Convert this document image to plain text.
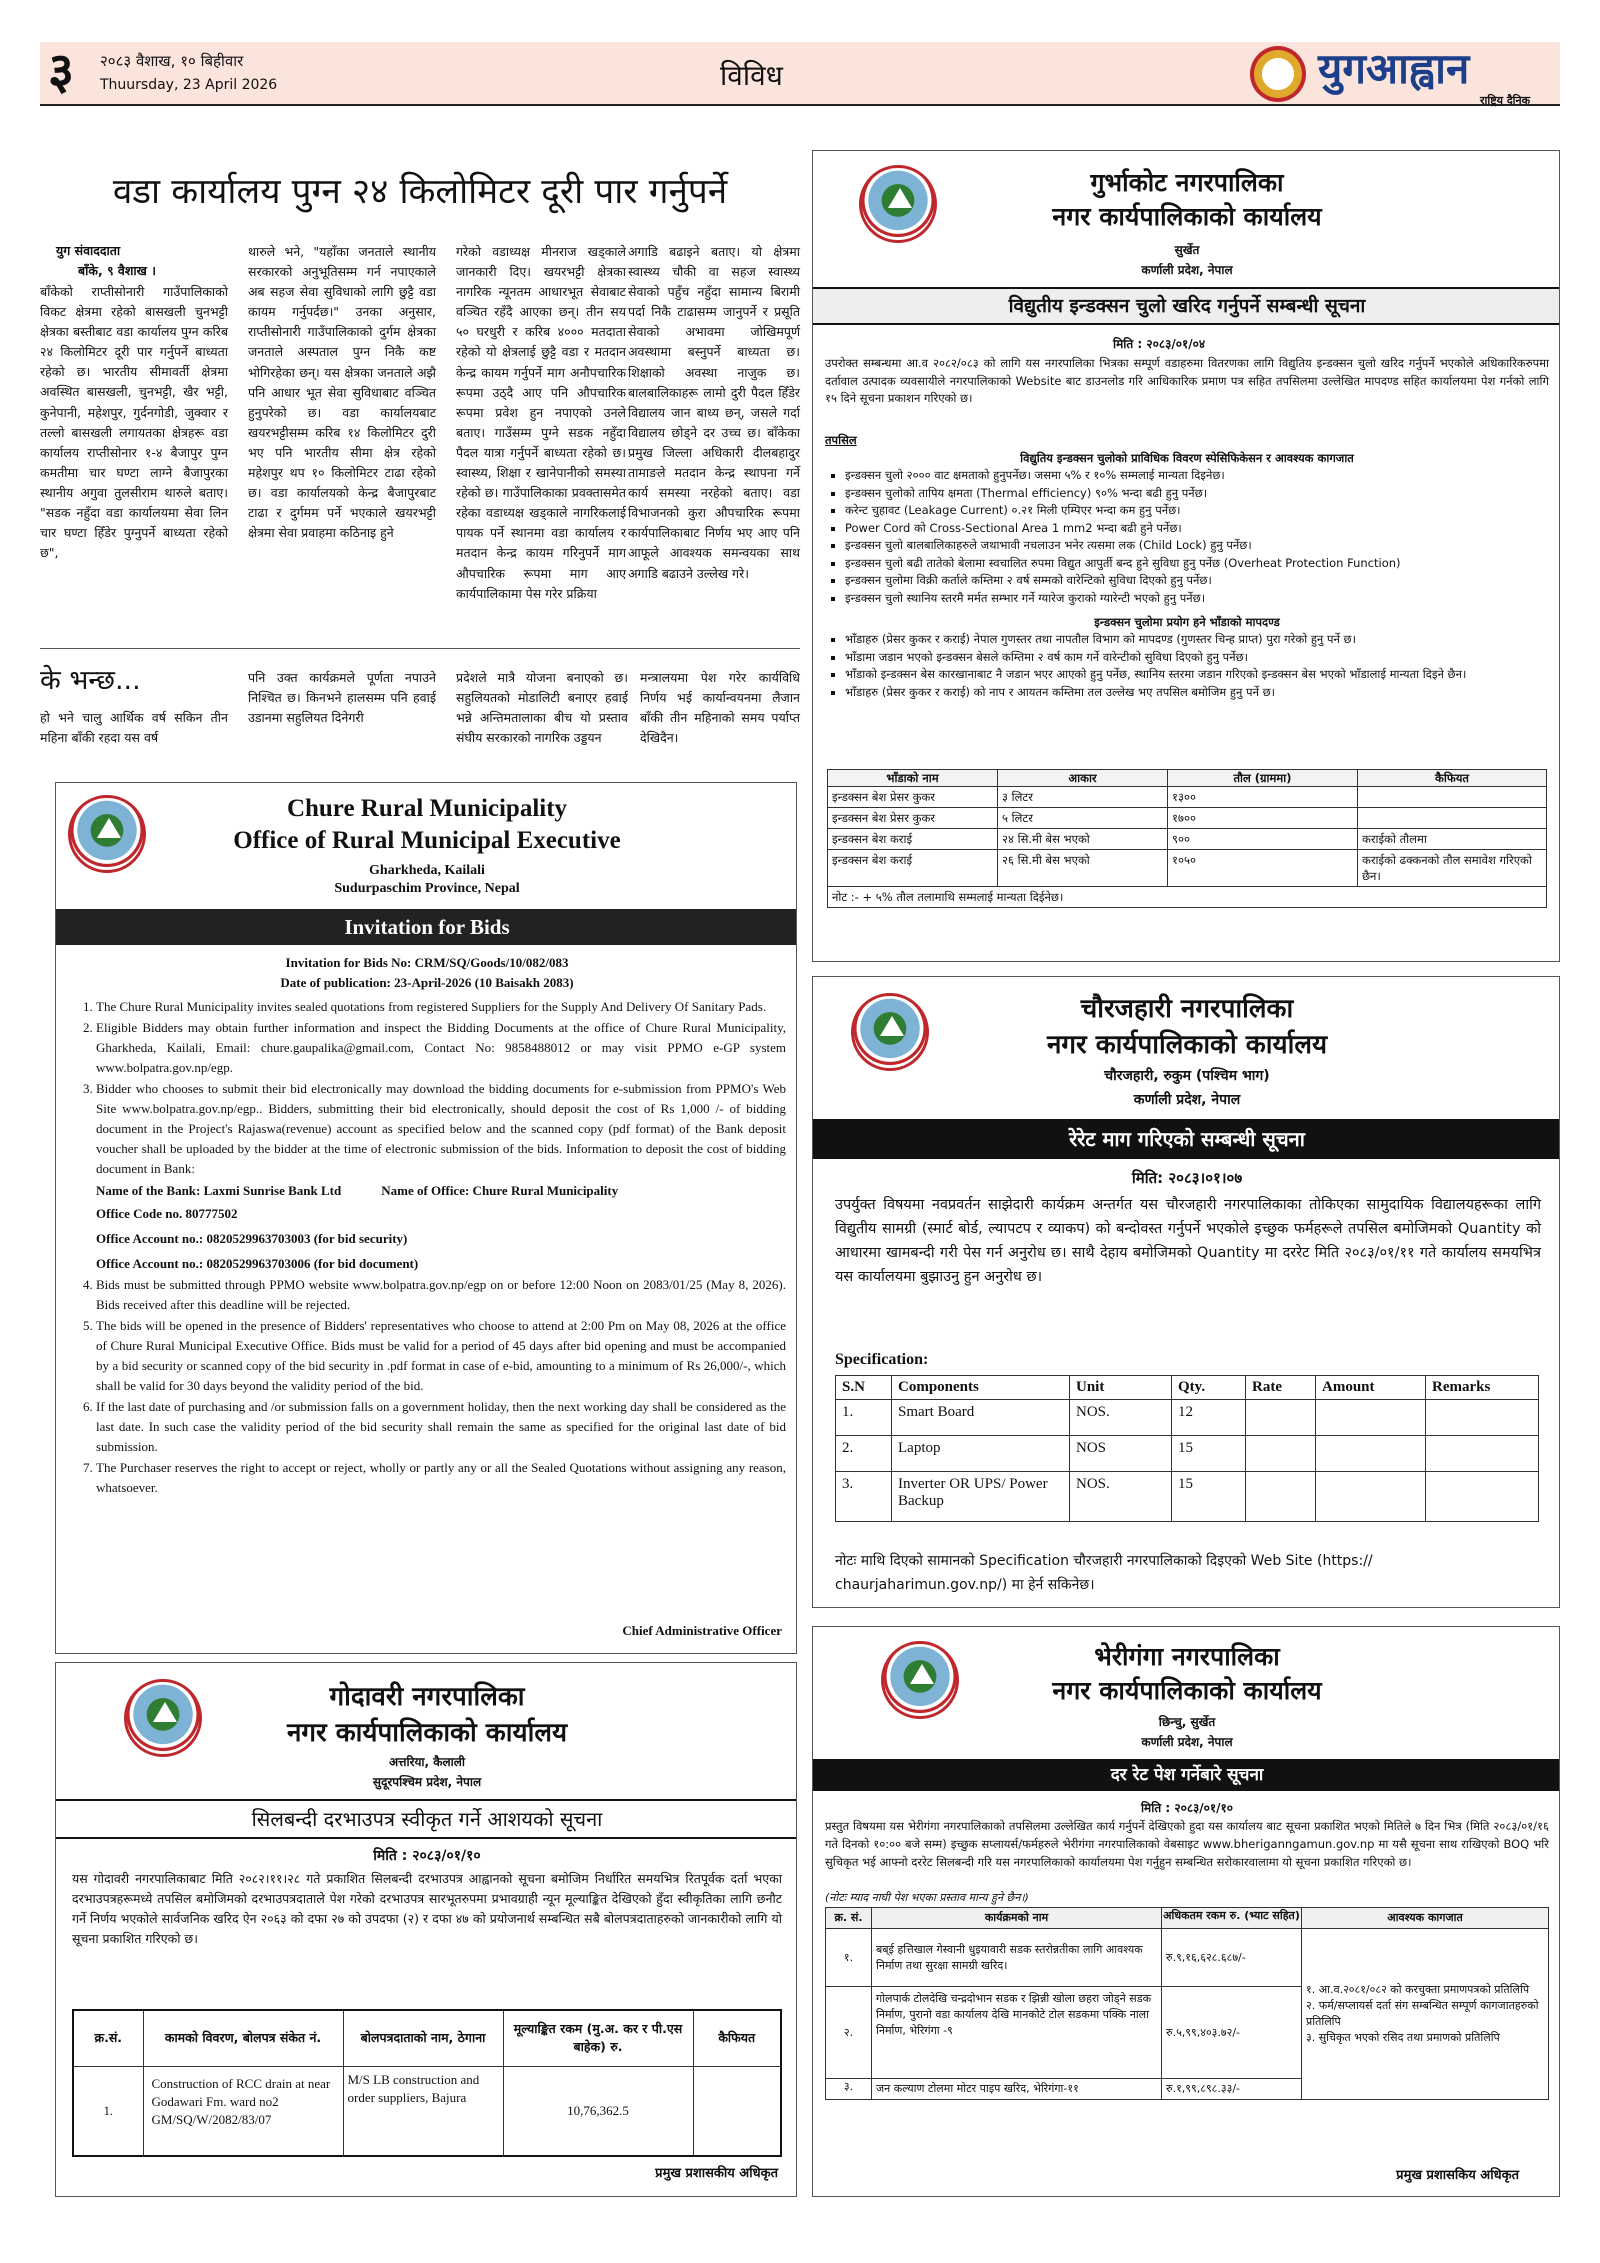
३ २०८३ वैशाख, १० बिहीवार
Thuursday, 23 April 2026	विविध	युगआह्वान
राष्ट्रिय दैनिक
वडा कार्यालय पुग्न २४ किलोमिटर दूरी पार गर्नुपर्ने
युग संवाददाता
बाँके, ९ वैशाख ।
बाँकेको राप्तीसोनारी गाउँपालिकाको विकट क्षेत्रमा रहेको बासखली चुनभट्टी क्षेत्रका बस्तीबाट वडा कार्यालय पुग्न करिब २४ किलोमिटर दूरी पार गर्नुपर्ने बाध्यता रहेको छ। भारतीय सीमावर्ती क्षेत्रमा अवस्थित बासखली, चुनभट्टी, खैर भट्टी, कुनेपानी, महेशपुर, गुर्दनगोडी, जुक्वार र तल्लो बासखली लगायतका क्षेत्रहरू वडा कार्यालय राप्तीसोनार १-४ बैजापुर पुग्न कमतीमा चार घण्टा लाग्ने बैजापुरका स्थानीय अगुवा तुलसीराम थारुले बताए। "सडक नहुँदा वडा कार्यालयमा सेवा लिन चार घण्टा हिँडेर पुग्नुपर्ने बाध्यता रहेको छ",
थारुले भने, "यहाँका जनताले स्थानीय सरकारको अनुभूतिसम्म गर्न नपाएकाले अब सहज सेवा सुविधाको लागि छुट्टै वडा कायम गर्नुपर्दछ।" उनका अनुसार, राप्तीसोनारी गाउँपालिकाको दुर्गम क्षेत्रका जनताले अस्पताल पुग्न निकै कष्ट भोगिरहेका छन्। यस क्षेत्रका जनताले अझै पनि आधार भूत सेवा सुविधाबाट वञ्चित हुनुपरेको छ। वडा कार्यालयबाट खयरभट्टीसम्म करिब १४ किलोमिटर दुरी भए पनि भारतीय सीमा क्षेत्र रहेको महेशपुर थप १० किलोमिटर टाढा रहेको छ। वडा कार्यालयको केन्द्र बैजापुरबाट टाढा र दुर्गमम पर्ने भएकाले खयरभट्टी क्षेत्रमा सेवा प्रवाहमा कठिनाइ हुने
गरेको वडाध्यक्ष मीनराज खड्काले जानकारी दिए। खयरभट्टी क्षेत्रका नागरिक न्यूनतम आधारभूत सेवाबाट वञ्चित रहँदै आएका छन्। तीन सय ५० घरधुरी र करिब ४००० मतदाता रहेको यो क्षेत्रलाई छुट्टै वडा र मतदान केन्द्र कायम गर्नुपर्ने माग अनौपचारिक रूपमा उठ्दै आए पनि औपचारिक रूपमा प्रवेश हुन नपाएको उनले बताए। गाउँसम्म पुग्ने सडक नहुँदा पैदल यात्रा गर्नुपर्ने बाध्यता रहेको छ। स्वास्थ्य, शिक्षा र खानेपानीको समस्या रहेको छ। गाउँपालिकाका प्रवक्तासमेत रहेका वडाध्यक्ष खड्काले नागरिकलाई पायक पर्ने स्थानमा वडा कार्यालय र मतदान केन्द्र कायम गरिनुपर्ने माग औपचारिक रूपमा माग आए कार्यपालिकामा पेस गरेर प्रक्रिया
अगाडि बढाइने बताए। यो क्षेत्रमा स्वास्थ्य चौकी वा सहज स्वास्थ्य सेवाको पहुँच नहुँदा सामान्य बिरामी पर्दा निकै टाढासम्म जानुपर्ने र प्रसूति सेवाको अभावमा जोखिमपूर्ण अवस्थामा बस्नुपर्ने बाध्यता छ। शिक्षाको अवस्था नाजुक छ। बालबालिकाहरू लामो दुरी पैदल हिँडेर विद्यालय जान बाध्य छन्, जसले गर्दा विद्यालय छोड्ने दर उच्च छ। बाँकेका प्रमुख जिल्ला अधिकारी दीलबहादुर तामाङले मतदान केन्द्र स्थापना गर्ने कार्य समस्या नरहेको बताए। वडा विभाजनको कुरा औपचारिक रूपमा कार्यपालिकाबाट निर्णय भए आए पनि आफूले आवश्यक समन्वयका साथ अगाडि बढाउने उल्लेख गरे।
के भन्छ...
हो भने चालु आर्थिक वर्ष सकिन तीन महिना बाँकी रहदा यस वर्ष
पनि उक्त कार्यक्रमले पूर्णता नपाउने निश्चित छ। किनभने हालसम्म पनि हवाई उडानमा सहुलियत दिनेगरी
प्रदेशले मात्रै योजना बनाएको छ। सहुलियतको मोडालिटी बनाएर हवाई भन्ने अन्तिमतालाका बीच यो प्रस्ताव संघीय सरकारको नागरिक उड्डयन
मन्त्रालयमा पेश गरेर कार्यविधि निर्णय भई कार्यान्वयनमा लैजान बाँकी तीन महिनाको समय पर्याप्त देखिदैन।
Chure Rural Municipality
Office of Rural Municipal Executive
Gharkheda, Kailali
Sudurpaschim Province, Nepal
Invitation for Bids
Invitation for Bids No: CRM/SQ/Goods/10/082/083
Date of publication: 23-April-2026 (10 Baisakh 2083)
1. The Chure Rural Municipality invites sealed quotations from registered Suppliers for the Supply And Delivery Of Sanitary Pads.
2. Eligible Bidders may obtain further information and inspect the Bidding Documents at the office of Chure Rural Municipality, Gharkheda, Kailali, Email: chure.gaupalika@gmail.com, Contact No: 9858488012 or may visit PPMO e-GP system www.bolpatra.gov.np/egp.
3. Bidder who chooses to submit their bid electronically may download the bidding documents for e-submission from PPMO's Web Site www.bolpatra.gov.np/egp.. Bidders, submitting their bid electronically, should deposit the cost of Rs 1,000 /- of bidding document in the Project's Rajaswa(revenue) account as specified below and the scanned copy (pdf format) of the Bank deposit voucher shall be uploaded by the bidder at the time of electronic submission of the bids. Information to deposit the cost of bidding document in Bank:
Name of the Bank: Laxmi Sunrise Bank Ltd	Name of Office: Chure Rural Municipality
Office Code no. 80777502
Office Account no.: 0820529963703003 (for bid security)
Office Account no.: 0820529963703006 (for bid document)
4. Bids must be submitted through PPMO website www.bolpatra.gov.np/egp on or before 12:00 Noon on 2083/01/25 (May 8, 2026). Bids received after this deadline will be rejected.
5. The bids will be opened in the presence of Bidders' representatives who choose to attend at 2:00 Pm on May 08, 2026 at the office of Chure Rural Municipal Executive Office. Bids must be valid for a period of 45 days after bid opening and must be accompanied by a bid security or scanned copy of the bid security in .pdf format in case of e-bid, amounting to a minimum of Rs 26,000/-, which shall be valid for 30 days beyond the validity period of the bid.
6. If the last date of purchasing and /or submission falls on a government holiday, then the next working day shall be considered as the last date. In such case the validity period of the bid security shall remain the same as specified for the original last date of bid submission.
7. The Purchaser reserves the right to accept or reject, wholly or partly any or all the Sealed Quotations without assigning any reason, whatsoever.
Chief Administrative Officer
गोदावरी नगरपालिका
नगर कार्यपालिकाको कार्यालय
अत्तरिया, कैलाली
सुदूरपश्चिम प्रदेश, नेपाल
सिलबन्दी दरभाउपत्र स्वीकृत गर्ने आशयको सूचना
मिति : २०८३/०१/१०
यस गोदावरी नगरपालिकाबाट मिति २०८२।११।२८ गते प्रकाशित सिलबन्दी दरभाउपत्र आह्वानको सूचना बमोजिम निर्धारित समयभित्र रितपूर्वक दर्ता भएका दरभाउपत्रहरूमध्ये तपसिल बमोजिमको दरभाउपत्रदाताले पेश गरेको दरभाउपत्र सारभूतरुपमा प्रभावग्राही न्यून मूल्याङ्कित देखिएको हुँदा स्वीकृतिका लागि छनौट गर्ने निर्णय भएकोले सार्वजनिक खरिद ऐन २०६३ को दफा २७ को उपदफा (२) र दफा ४७ को प्रयोजनार्थ सम्बन्धित सबै बोलपत्रदाताहरुको जानकारीको लागि यो सूचना प्रकाशित गरिएको छ।
क्र.सं.	कामको विवरण, बोलपत्र संकेत नं.	बोलपत्रदाताको नाम, ठेगाना	मूल्याङ्कित रकम (मु.अ. कर र पी.एस बाहेक) रु.	कैफियत
1.	Construction of RCC drain at near Godawari Fm. ward no2 GM/SQ/W/2082/83/07	M/S LB construction and order suppliers, Bajura	10,76,362.5	
प्रमुख प्रशासकीय अधिकृत
गुर्भाकोट नगरपालिका
नगर कार्यपालिकाको कार्यालय
सुर्खेत
कर्णाली प्रदेश, नेपाल
विद्युतीय इन्डक्सन चुलो खरिद गर्नुपर्ने सम्बन्धी सूचना
मिति : २०८३/०१/०४
उपरोक्त सम्बन्धमा आ.व २०८२/०८३ को लागि यस नगरपालिका भित्रका सम्पूर्ण वडाहरुमा वितरणका लागि विद्युतिय इन्डक्सन चुलो खरिद गर्नुपर्ने भएकोले अधिकारिकरुपमा दर्तावाल उत्पादक व्यवसायीले नगरपालिकाको Website बाट डाउनलोड गरि आधिकारिक प्रमाण पत्र सहित तपसिलमा उल्लेखित मापदण्ड सहित कार्यालयमा पेश गर्नको लागि १५ दिने सूचना प्रकाशन गरिएको छ।
तपसिल
विद्युतिय इन्डक्सन चुलोको प्राविधिक विवरण स्पेसिफिकेसन र आवश्यक कागजात
▪ इन्डक्सन चुलो २००० वाट क्षमताको हुनुपर्नेछ। जसमा ५% र १०% सम्मलाई मान्यता दिइनेछ।
▪ इन्डक्सन चुलोको तापिय क्षमता (Thermal efficiency) ९०% भन्दा बढी हुनु पर्नेछ।
▪ करेन्ट चुहावट (Leakage Current) ०.२१ मिली एम्पिएर भन्दा कम हुनु पर्नेछ।
▪ Power Cord को Cross-Sectional Area 1 mm2 भन्दा बढी हुने पर्नेछ।
▪ इन्डक्सन चुलो बालबालिकाहरुले जथाभावी नचलाउन भनेर त्यसमा लक (Child Lock) हुनु पर्नेछ।
▪ इन्डक्सन चुलो बढी तातेको बेलामा स्वचालित रुपमा विद्युत आपुर्ती बन्द हुने सुविधा हुनु पर्नेछ (Overheat Protection Function)
▪ इन्डक्सन चुलोमा विक्री कर्ताले कम्तिमा २ वर्ष सम्मको वारेन्टिको सुविधा दिएको हुनु पर्नेछ।
▪ इन्डक्सन चुलो स्थानिय स्तरमै मर्मत सम्भार गर्ने ग्यारेज कुराको ग्यारेन्टी भएको हुनु पर्नेछ।
इन्डक्सन चुलोमा प्रयोग हने भाँडाको मापदण्ड
▪ भाँडाहरु (प्रेसर कुकर र कराई) नेपाल गुणस्तर तथा नापतौल विभाग को मापदण्ड (गुणस्तर चिन्ह प्राप्त) पुरा गरेको हुनु पर्ने छ।
▪ भाँडामा जडान भएको इन्डक्सन बेसले कम्तिमा २ वर्ष काम गर्ने वारेन्टीको सुविधा दिएको हुनु पर्नेछ।
▪ भाँडाको इन्डक्सन बेस कारखानाबाट नै जडान भएर आएको हुनु पर्नेछ, स्थानिय स्तरमा जडान गरिएको इन्डक्सन बेस भएको भाँडालाई मान्यता दिइने छैन।
▪ भाँडाहरु (प्रेसर कुकर र कराई) को नाप र आयतन कम्तिमा तल उल्लेख भए तपसिल बमोजिम हुनु पर्ने छ।
भाँडाको नाम	आकार	तौल (ग्राममा)	कैफियत
इन्डक्सन बेश प्रेसर कुकर	३ लिटर	१३००	
इन्डक्सन बेश प्रेसर कुकर	५ लिटर	१७००	
इन्डक्सन बेश कराई	२४ सि.मी बेस भएको	९००	कराईको तौलमा
इन्डक्सन बेश कराई	२६ सि.मी बेस भएको	१०५०	कराईको ढक्कनको तौल समावेश गरिएको छैन।
नोट :- + ५% तौल तलामाथि सम्मलाई मान्यता दिईनेछ।			
चौरजहारी नगरपालिका
नगर कार्यपालिकाको कार्यालय
चौरजहारी, रुकुम (पश्चिम भाग)
कर्णाली प्रदेश, नेपाल
रेरेट माग गरिएको सम्बन्धी सूचना
मिति: २०८३।०१।०७
उपर्युक्त विषयमा नवप्रवर्तन साझेदारी कार्यक्रम अन्तर्गत यस चौरजहारी नगरपालिकाका तोकिएका सामुदायिक विद्यालयहरूका लागि विद्युतीय सामग्री (स्मार्ट बोर्ड, ल्यापटप र व्याकप) को बन्दोवस्त गर्नुपर्ने भएकोले इच्छुक फर्महरूले तपसिल बमोजिमको Quantity को आधारमा खामबन्दी गरी पेस गर्न अनुरोध छ। साथै देहाय बमोजिमको Quantity मा दररेट मिति २०८३/०१/११ गते कार्यालय समयभित्र यस कार्यालयमा बुझाउनु हुन अनुरोध छ।
Specification:
S.N	Components	Unit	Qty.	Rate	Amount	Remarks
1.	Smart Board	NOS.	12			
2.	Laptop	NOS	15			
3.	Inverter OR UPS/ Power Backup	NOS.	15			
नोटः माथि दिएको सामानको Specification चौरजहारी नगरपालिकाको दिइएको Web Site (https:// chaurjaharimun.gov.np/) मा हेर्न सकिनेछ।
भेरीगंगा नगरपालिका
नगर कार्यपालिकाको कार्यालय
छिन्चु, सुर्खेत
कर्णाली प्रदेश, नेपाल
दर रेट पेश गर्नेबारे सूचना
मिति : २०८३/०१/१०
प्रस्तुत विषयमा यस भेरीगंगा नगरपालिकाको तपसिलमा उल्लेखित कार्य गर्नुपर्ने देखिएको हुदा यस कार्यालय बाट सूचना प्रकाशित भएको मितिले ७ दिन भित्र (मिति २०८३/०१/१६ गते दिनको १०:०० बजे सम्म) इच्छुक सप्लायर्स/फर्महरुले भेरीगंगा नगरपालिकाको वेबसाइट www.bheriganngamun.gov.np मा यसै सूचना साथ राखिएको BOQ भरि सुचिकृत भई आफ्नो दररेट सिलबन्दी गरि यस नगरपालिकाको कार्यालयमा पेश गर्नुहुन सम्बन्धित सरोकारवालामा यो सूचना प्रकाशित गरिएको छ।
(नोटः म्याद नाघी पेश भएका प्रस्ताव मान्य हुने छैन।)
क्र. सं.	कार्यक्रमको नाम	अधिकतम रकम रु. (भ्याट सहित)	आवश्यक कागजात
१.	बब्ई हत्तिखाल गेस्वानी धुइयावारी सडक स्तरोन्नतीका लागि आवश्यक निर्माण तथा सुरक्षा सामग्री खरिद।	रु.९,१६,६२८.६८७/-	१. आ.व.२०८१/०८२ को करचुक्ता प्रमाणपत्रको प्रतिलिपि
२. फर्म/सप्लायर्स दर्ता संग सम्बन्धित सम्पूर्ण कागजातहरुको प्रतिलिपि
३. सुचिकृत भएको रसिद तथा प्रमाणको प्रतिलिपि

२.	गोलपार्क टोलदेखि चन्द्रदोभान सडक र झिन्नी खोला छहरा जोड्ने सडक निर्माण, पुरानो वडा कार्यालय देखि मानकोटे टोल सडकमा पक्कि नाला निर्माण, भेरिगंगा -९	रु.५,९९,४०३.७२/-	
३.	जन कल्याण टोलमा मोटर पाइप खरिद, भेरिगंगा-११	रु.१,९९,८९८.३३/-	
प्रमुख प्रशासकिय अधिकृत
